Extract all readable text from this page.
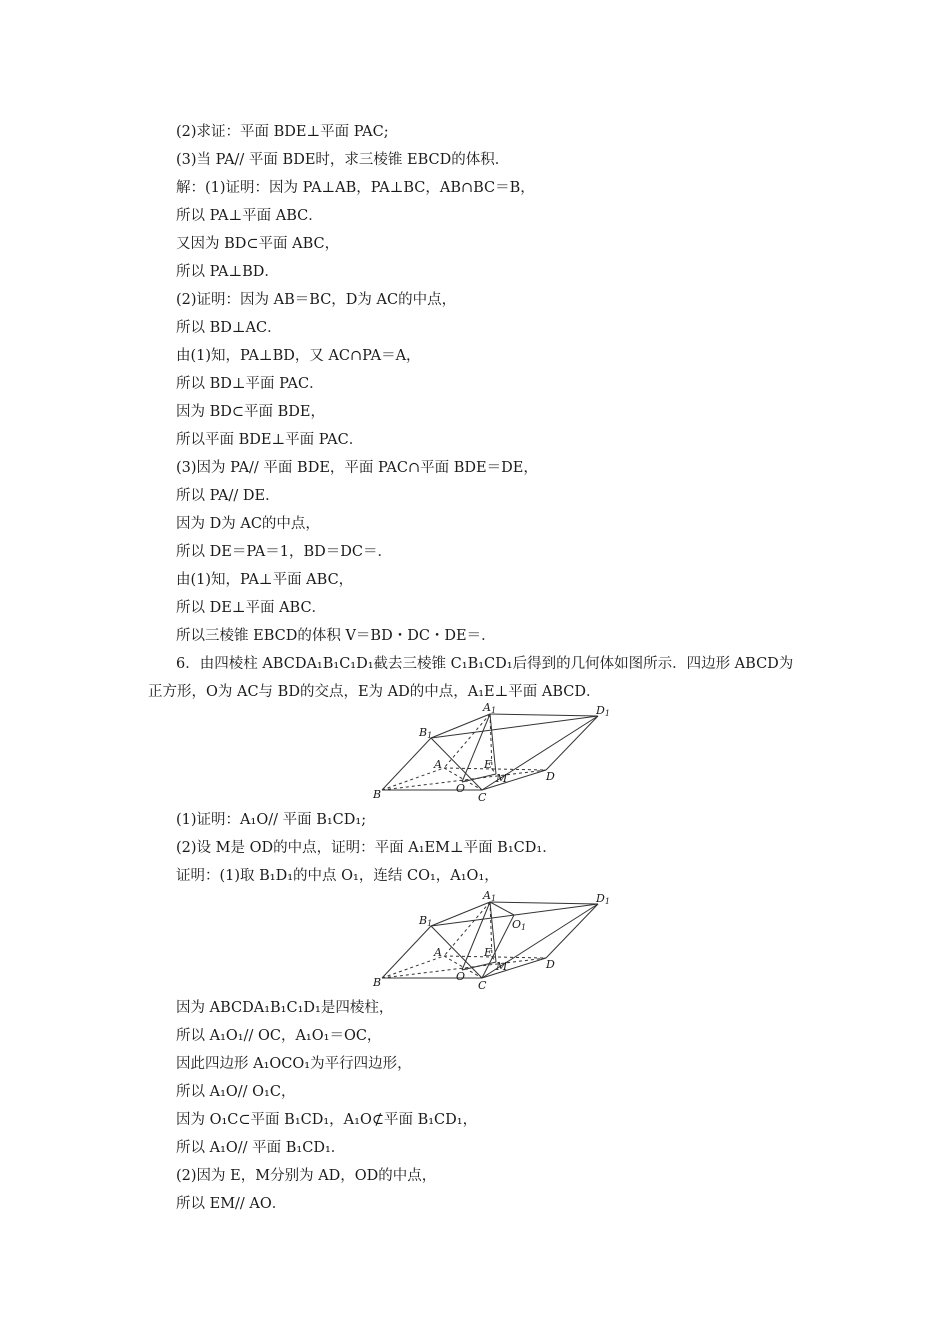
(2)求证：平面 BDE⊥平面 PAC;
(3)当 PA// 平面 BDE时，求三棱锥 EBCD的体积．
解：(1)证明：因为 PA⊥AB，PA⊥BC，AB∩BC＝B，
所以 PA⊥平面 ABC．
又因为 BD⊂平面 ABC，
所以 PA⊥BD．
(2)证明：因为 AB＝BC，D为 AC的中点，
所以 BD⊥AC．
由(1)知，PA⊥BD，又 AC∩PA＝A，
所以 BD⊥平面 PAC．
因为 BD⊂平面 BDE，
所以平面 BDE⊥平面 PAC．
(3)因为 PA// 平面 BDE，平面 PAC∩平面 BDE＝DE，
所以 PA// DE．
因为 D为 AC的中点，
所以 DE＝PA＝1，BD＝DC＝．
由(1)知，PA⊥平面 ABC，
所以 DE⊥平面 ABC．
所以三棱锥 EBCD的体积 V＝BD・DC・DE＝．
6．由四棱柱 ABCDA₁B₁C₁D₁截去三棱锥 C₁B₁CD₁后得到的几何体如图所示．四边形 ABCD为
正方形，O为 AC与 BD的交点，E为 AD的中点，A₁E⊥平面 ABCD．
A1
B1
D1
A	E
D
O
M
B	C
(1)证明：A₁O// 平面 B₁CD₁;
(2)设 M是 OD的中点，证明：平面 A₁EM⊥平面 B₁CD₁．
证明：(1)取 B₁D₁的中点 O₁，连结 CO₁，A₁O₁，
A1
B1
D1
O1
A	E
D
O
M
B	C
因为 ABCDA₁B₁C₁D₁是四棱柱，
所以 A₁O₁// OC，A₁O₁＝OC，
因此四边形 A₁OCO₁为平行四边形，
所以 A₁O// O₁C，
因为 O₁C⊂平面 B₁CD₁，A₁O⊄平面 B₁CD₁，
所以 A₁O// 平面 B₁CD₁．
(2)因为 E，M分别为 AD，OD的中点，
所以 EM// AO．
